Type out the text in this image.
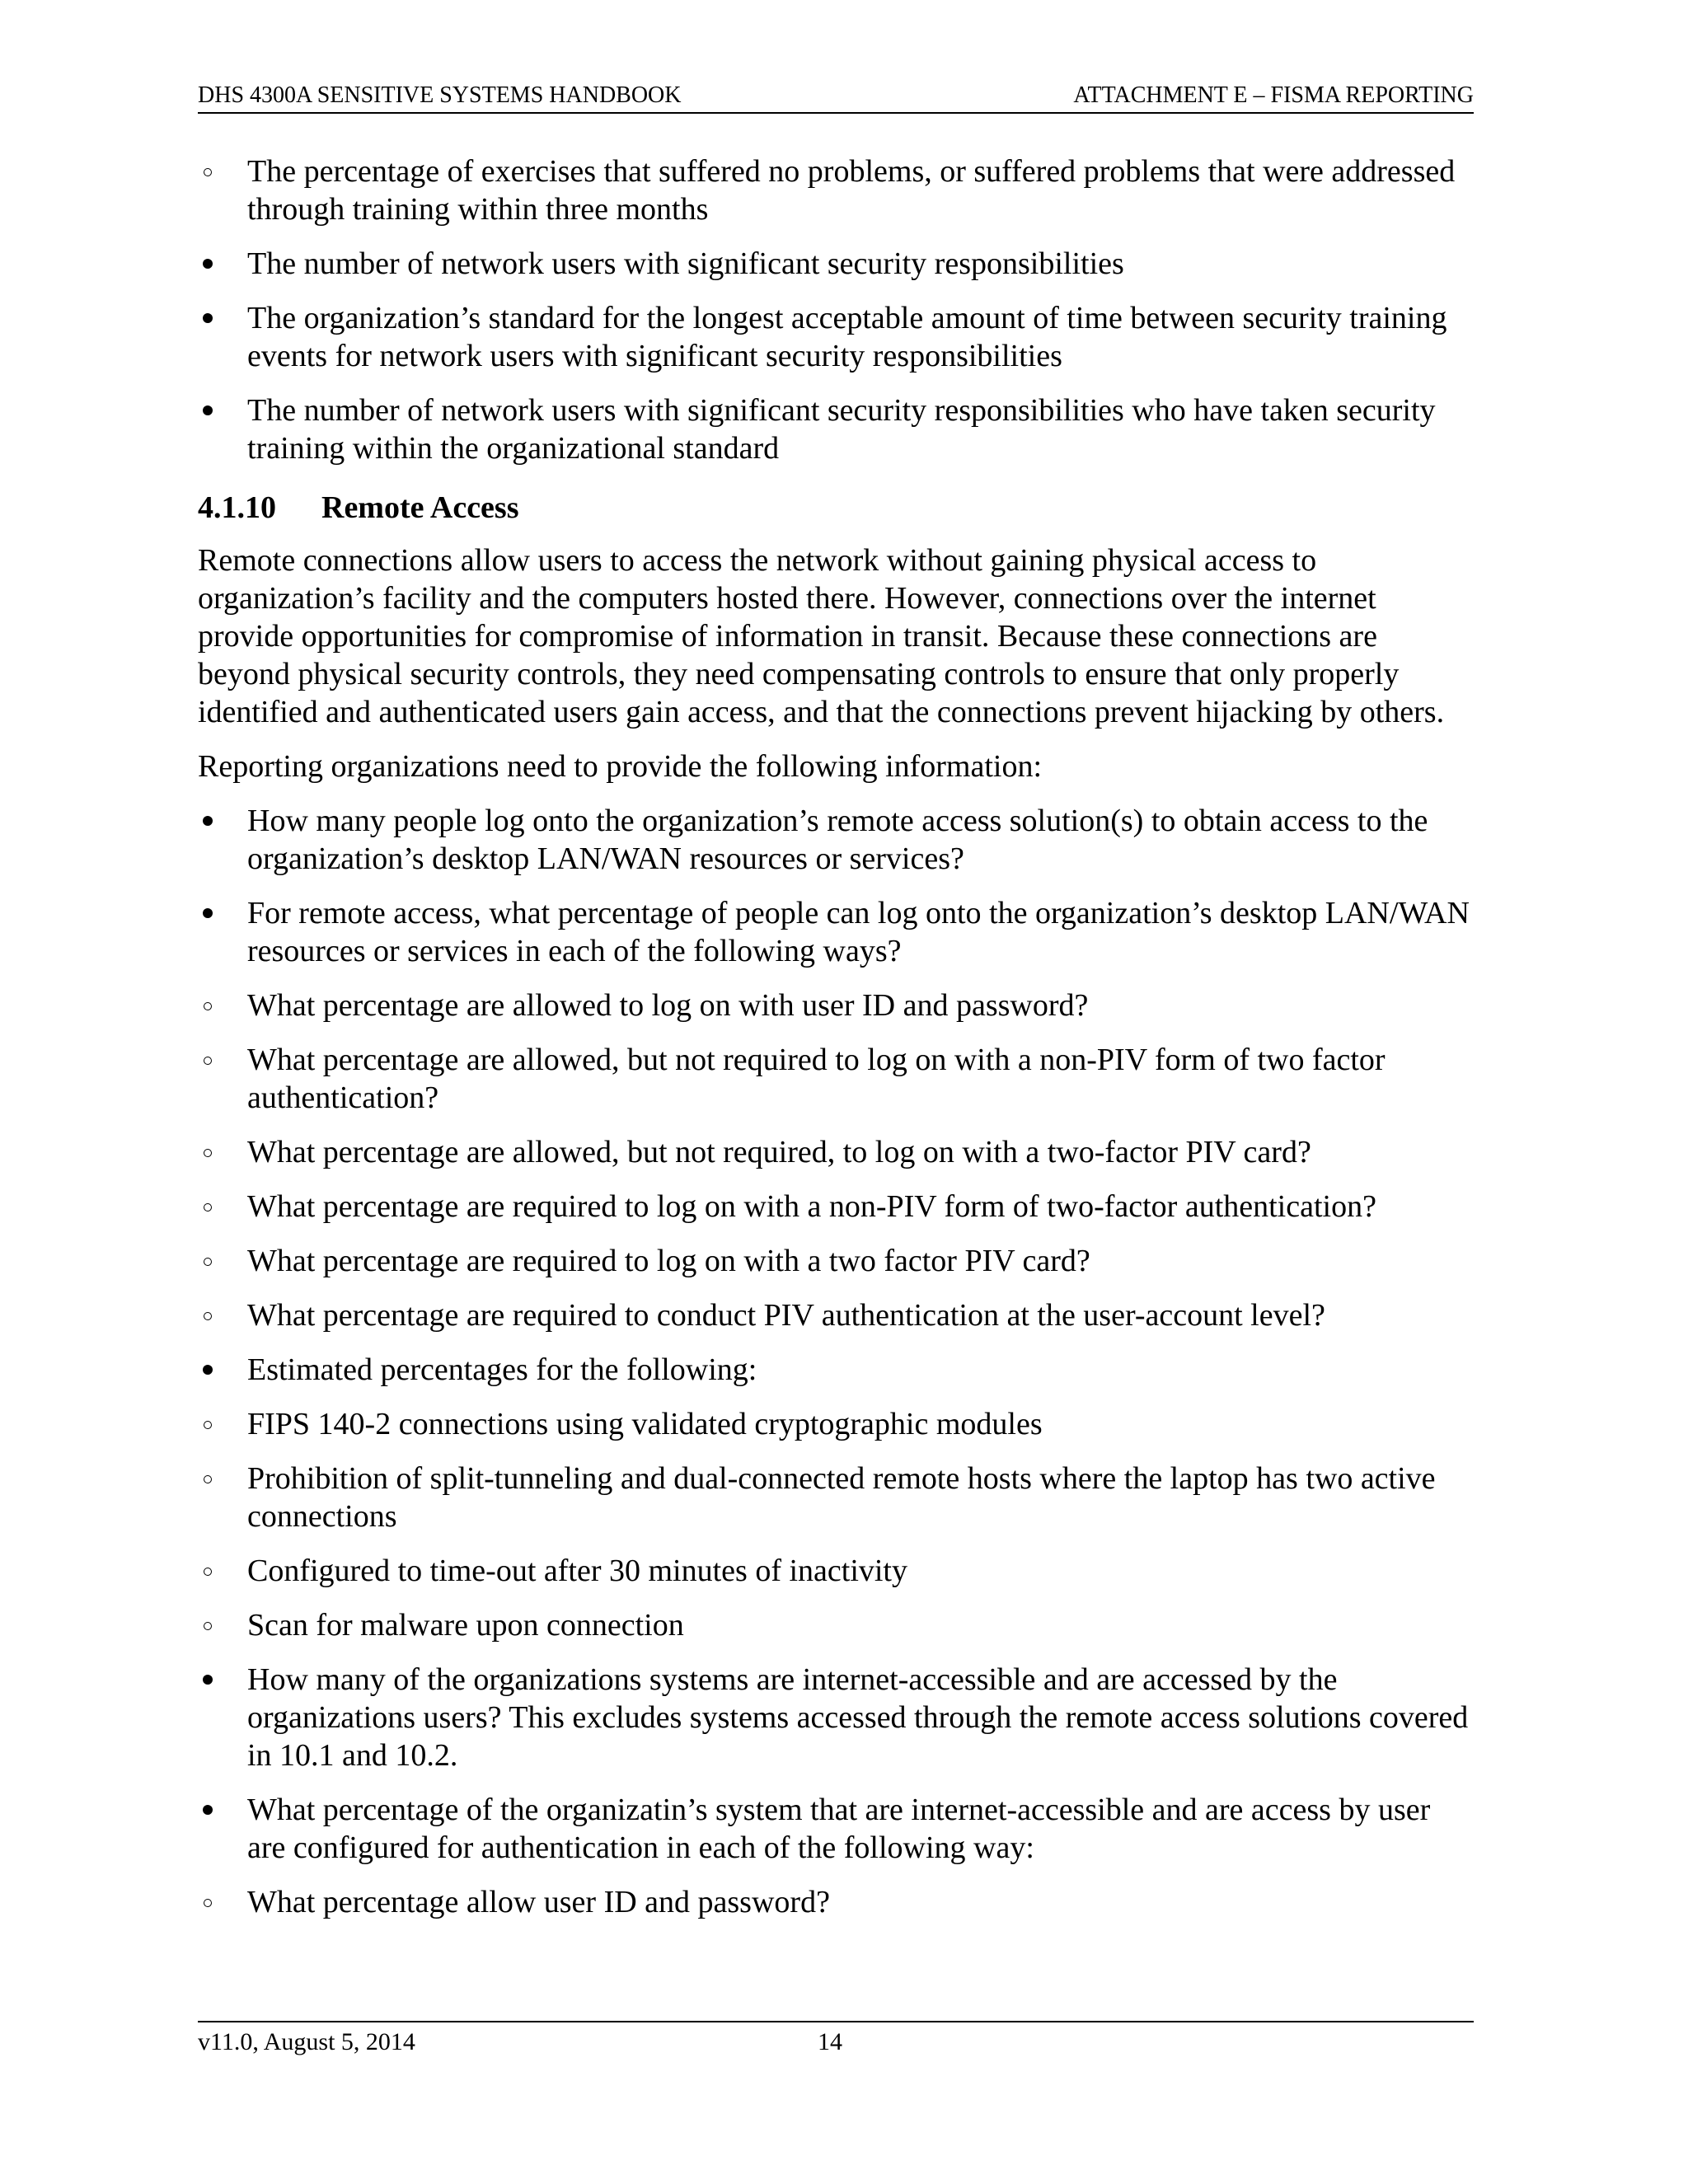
DHS 4300A SENSITIVE SYSTEMS HANDBOOK	ATTACHMENT E – FISMA REPORTING
The percentage of exercises that suffered no problems, or suffered problems that were addressed through training within three months
The number of network users with significant security responsibilities
The organization’s standard for the longest acceptable amount of time between security training events for network users with significant security responsibilities
The number of network users with significant security responsibilities who have taken security training within the organizational standard
4.1.10 Remote Access

Remote connections allow users to access the network without gaining physical access to organization’s facility and the computers hosted there. However, connections over the internet provide opportunities for compromise of information in transit. Because these connections are beyond physical security controls, they need compensating controls to ensure that only properly identified and authenticated users gain access, and that the connections prevent hijacking by others.

Reporting organizations need to provide the following information:

How many people log onto the organization’s remote access solution(s) to obtain access to the organization’s desktop LAN/WAN resources or services?
For remote access, what percentage of people can log onto the organization’s desktop LAN/WAN resources or services in each of the following ways?
What percentage are allowed to log on with user ID and password?
What percentage are allowed, but not required to log on with a non-PIV form of two factor authentication?
What percentage are allowed, but not required, to log on with a two-factor PIV card?
What percentage are required to log on with a non-PIV form of two-factor authentication?
What percentage are required to log on with a two factor PIV card?
What percentage are required to conduct PIV authentication at the user-account level?
Estimated percentages for the following:
FIPS 140-2 connections using validated cryptographic modules
Prohibition of split-tunneling and dual-connected remote hosts where the laptop has two active connections
Configured to time-out after 30 minutes of inactivity
Scan for malware upon connection
How many of the organizations systems are internet-accessible and are accessed by the organizations users? This excludes systems accessed through the remote access solutions covered in 10.1 and 10.2.
What percentage of the organizatin’s system that are internet-accessible and are access by user are configured for authentication in each of the following way:
What percentage allow user ID and password?
v11.0, August 5, 2014	14
